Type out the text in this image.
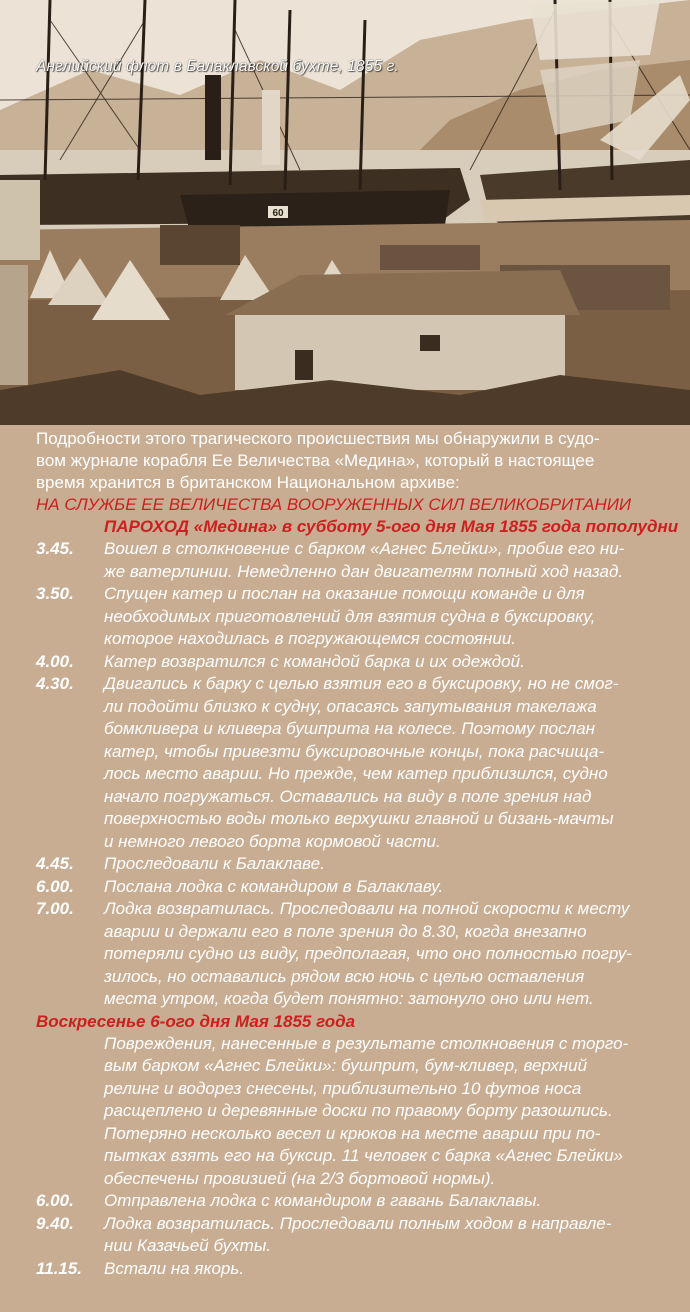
60
Английский флот в Балаклавской бухте, 1855 г.
Подробности этого трагического происшествия мы обнаружили в судо-
вом журнале корабля Ее Величества «Медина», который в настоящее
время хранится в британском Национальном архиве:
НА СЛУЖБЕ ЕЕ ВЕЛИЧЕСТВА ВООРУЖЕННЫХ СИЛ ВЕЛИКОБРИТАНИИ
ПАРОХОД «Медина» в субботу 5-ого дня Мая 1855 года пополудни
3.45.	Вошел в столкновение с барком «Агнес Блейки», пробив его ни-
же ватерлинии. Немедленно дан двигателям полный ход назад.
3.50.	Спущен катер и послан на оказание помощи команде и для
необходимых приготовлений для взятия судна в буксировку,
которое находилась в погружающемся состоянии.
4.00.	Катер возвратился с командой барка и их одеждой.
4.30.	Двигались к барку с целью взятия его в буксировку, но не смог-
ли подойти близко к судну, опасаясь запутывания такелажа
бомкливера и кливера бушприта на колесе. Поэтому послан
катер, чтобы привезти буксировочные концы, пока расчища-
лось место аварии. Но прежде, чем катер приблизился, судно
начало погружаться. Оставались на виду в поле зрения над
поверхностью воды только верхушки главной и бизань-мачты
и немного левого борта кормовой части.
4.45.	Проследовали к Балаклаве.
6.00.	Послана лодка с командиром в Балаклаву.
7.00.	Лодка возвратилась. Проследовали на полной скорости к месту
аварии и держали его в поле зрения до 8.30, когда внезапно
потеряли судно из виду, предполагая, что оно полностью погру-
зилось, но оставались рядом всю ночь с целью оставления
места утром, когда будет понятно: затонуло оно или нет.
Воскресенье 6-ого дня Мая 1855 года
Повреждения, нанесенные в результате столкновения с торго-
вым барком «Агнес Блейки»: бушприт, бум-кливер, верхний
релинг и водорез снесены, приблизительно 10 футов носа
расщеплено и деревянные доски по правому борту разошлись.
Потеряно несколько весел и крюков на месте аварии при по-
пытках взять его на буксир. 11 человек с барка «Агнес Блейки»
обеспечены провизией (на 2/3 бортовой нормы).
6.00.	Отправлена лодка с командиром в гавань Балаклавы.
9.40.	Лодка возвратилась. Проследовали полным ходом в направле-
нии Казачьей бухты.
11.15.	Встали на якорь.
